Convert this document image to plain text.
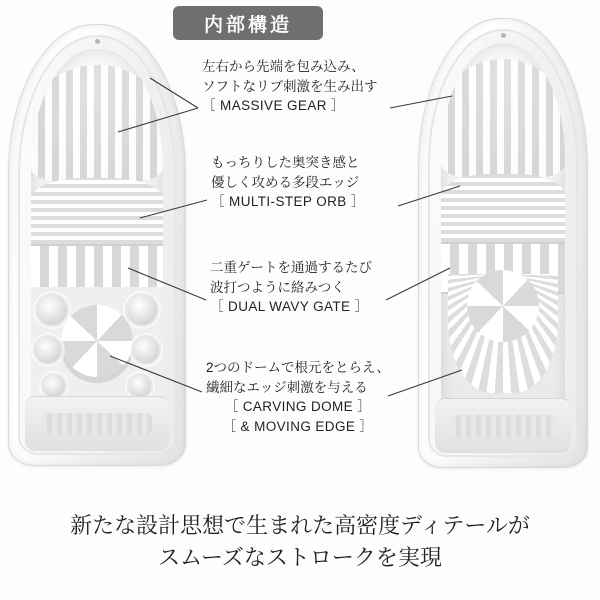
内部構造
左右から先端を包み込み、
ソフトなリブ刺激を生み出す
［ MASSIVE GEAR ］
もっちりした奥突き感と
優しく攻める多段エッジ
［ MULTI-STEP ORB ］
二重ゲートを通過するたび
波打つように絡みつく
［ DUAL WAVY GATE ］
2つのドームで根元をとらえ、
繊細なエッジ刺激を与える
［ CARVING DOME ］
［ & MOVING EDGE ］
新たな設計思想で生まれた高密度ディテールが
スムーズなストロークを実現
